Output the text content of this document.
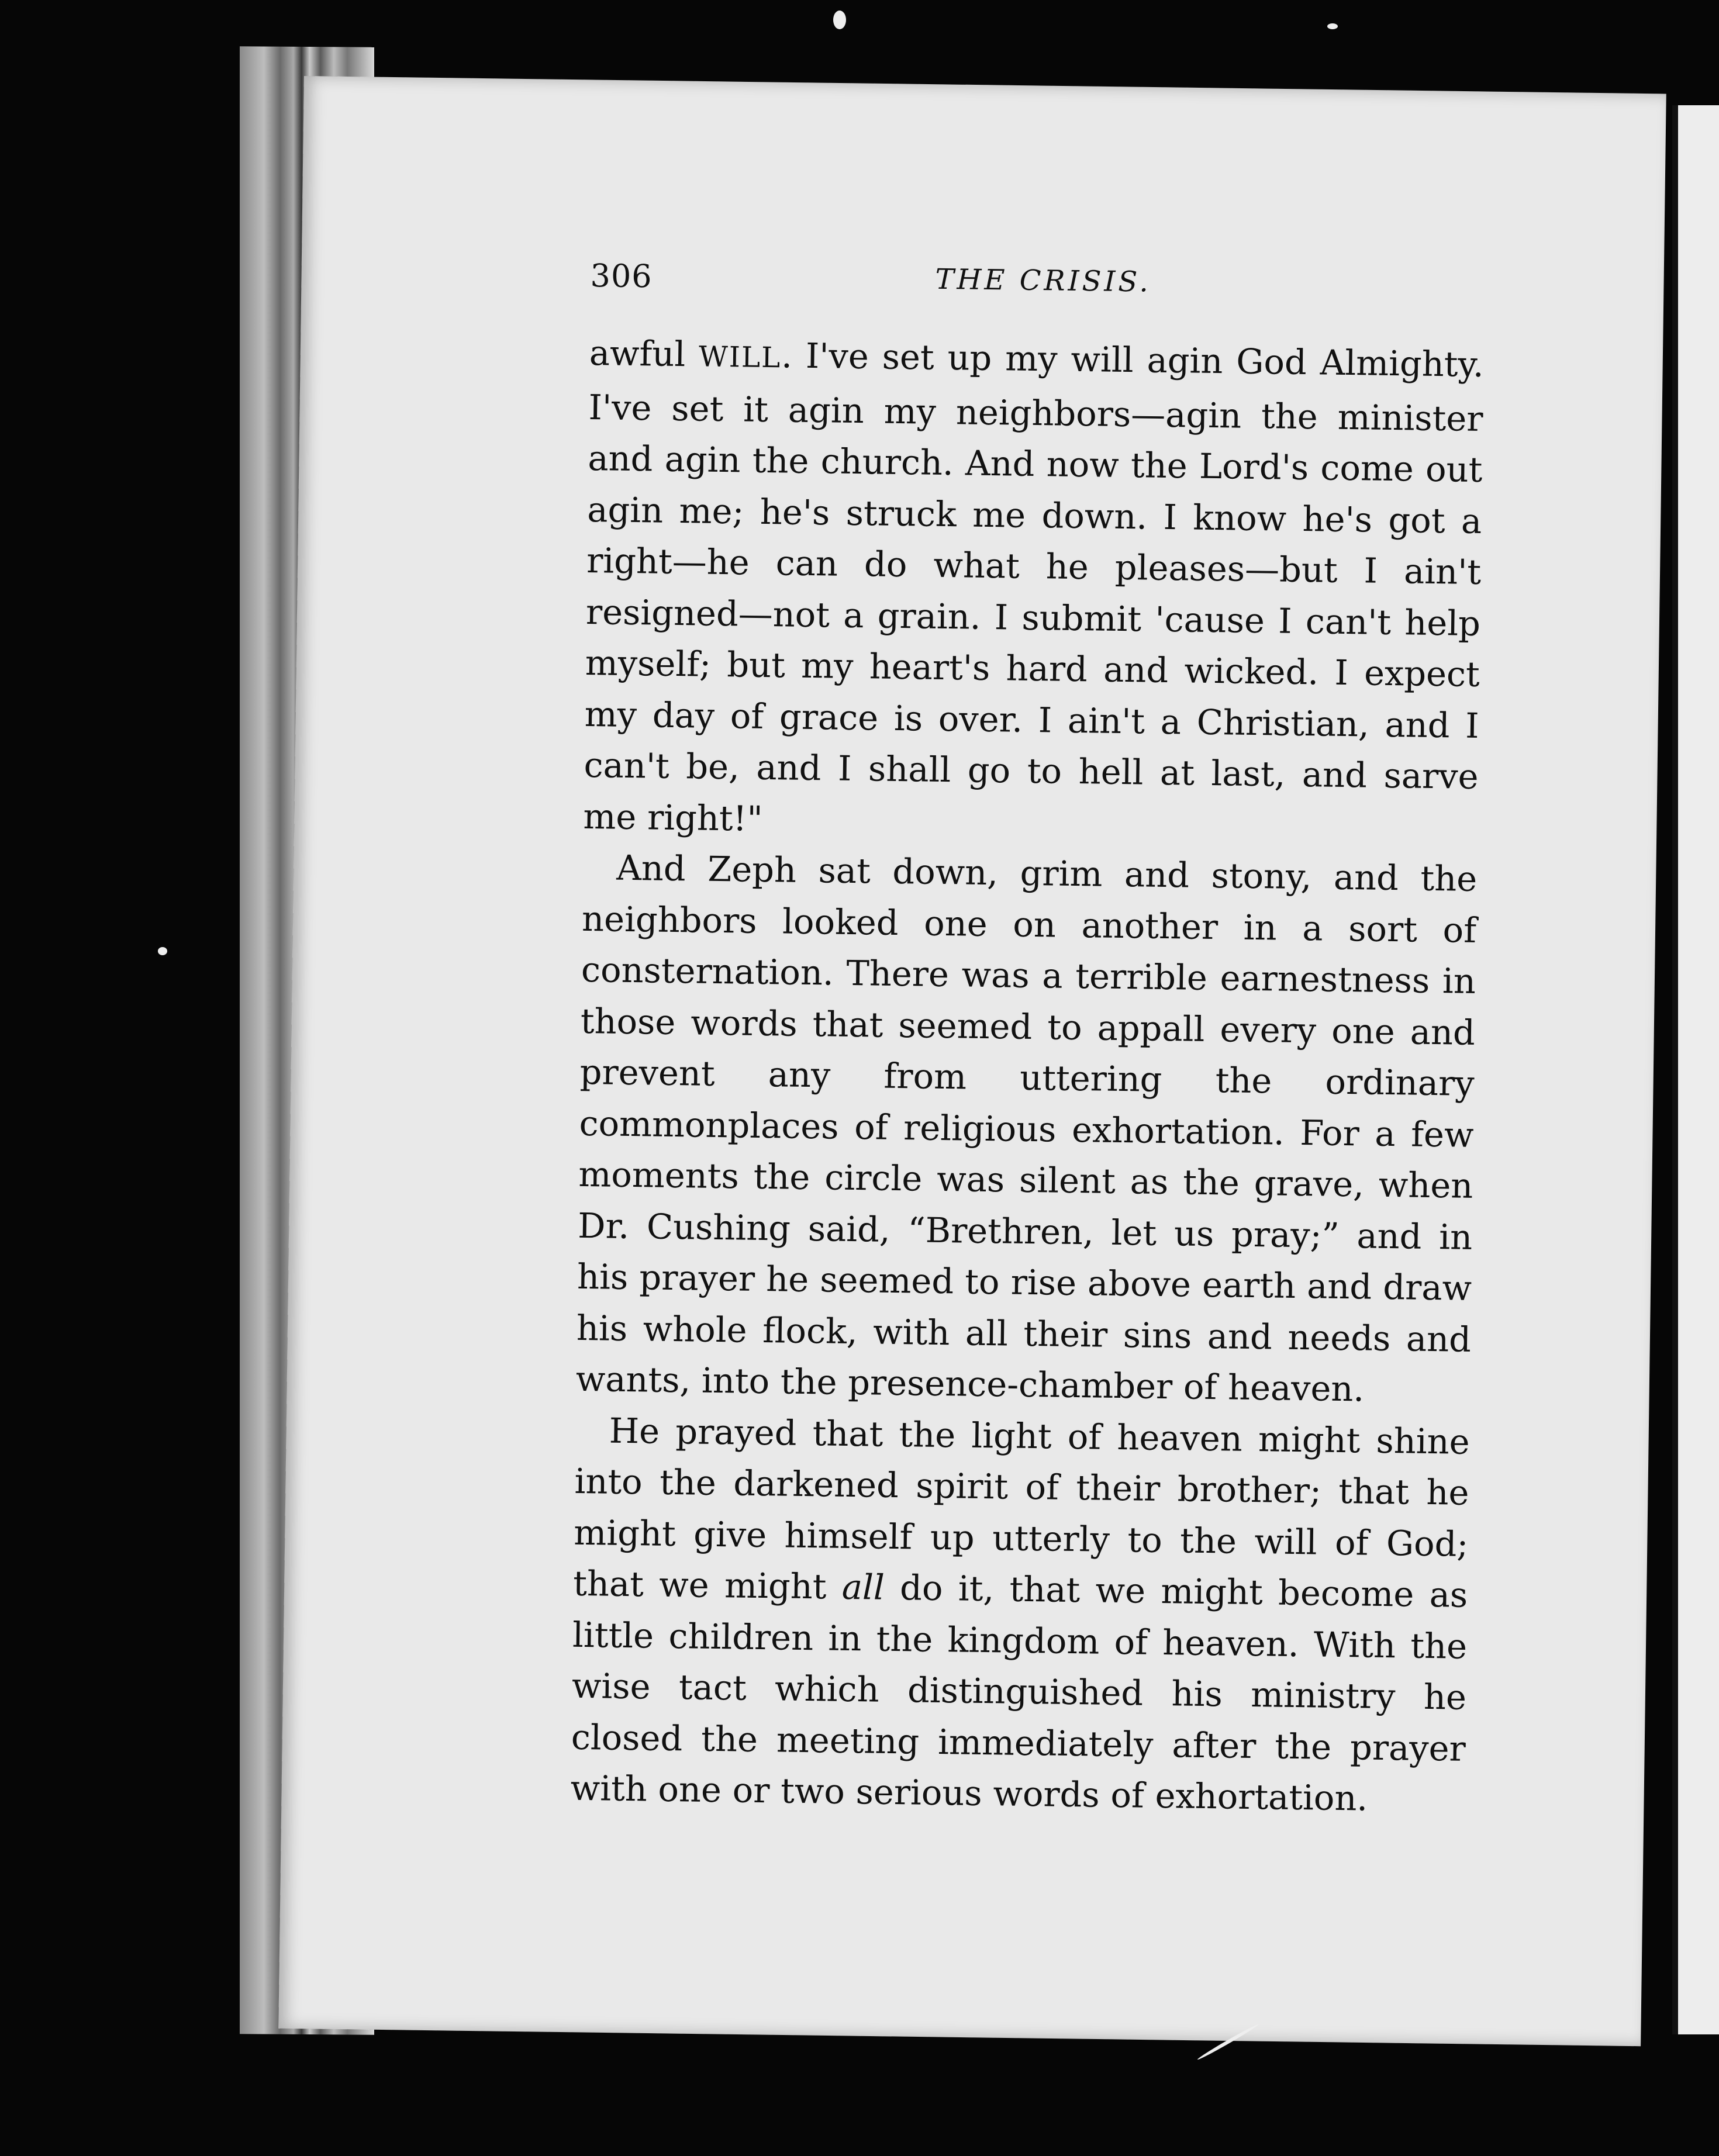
306	THE CRISIS.

awful WILL. I've set up my will agin God Almighty. I've set it agin my neighbors—agin the minister and agin the church. And now the Lord's come out agin me; he's struck me down. I know he's got a right—he can do what he pleases—but I ain't resigned—not a grain. I submit 'cause I can't help myself; but my heart's hard and wicked. I expect my day of grace is over. I ain't a Christian, and I can't be, and I shall go to hell at last, and sarve me right!"

And Zeph sat down, grim and stony, and the neighbors looked one on another in a sort of consternation. There was a terrible earnestness in those words that seemed to appall every one and prevent any from uttering the ordinary commonplaces of religious exhortation. For a few moments the circle was silent as the grave, when Dr. Cushing said, “Brethren, let us pray;” and in his prayer he seemed to rise above earth and draw his whole flock, with all their sins and needs and wants, into the presence-chamber of heaven.

He prayed that the light of heaven might shine into the darkened spirit of their brother; that he might give himself up utterly to the will of God; that we might all do it, that we might become as little children in the kingdom of heaven. With the wise tact which distinguished his ministry he closed the meeting immediately after the prayer with one or two serious words of exhortation.
